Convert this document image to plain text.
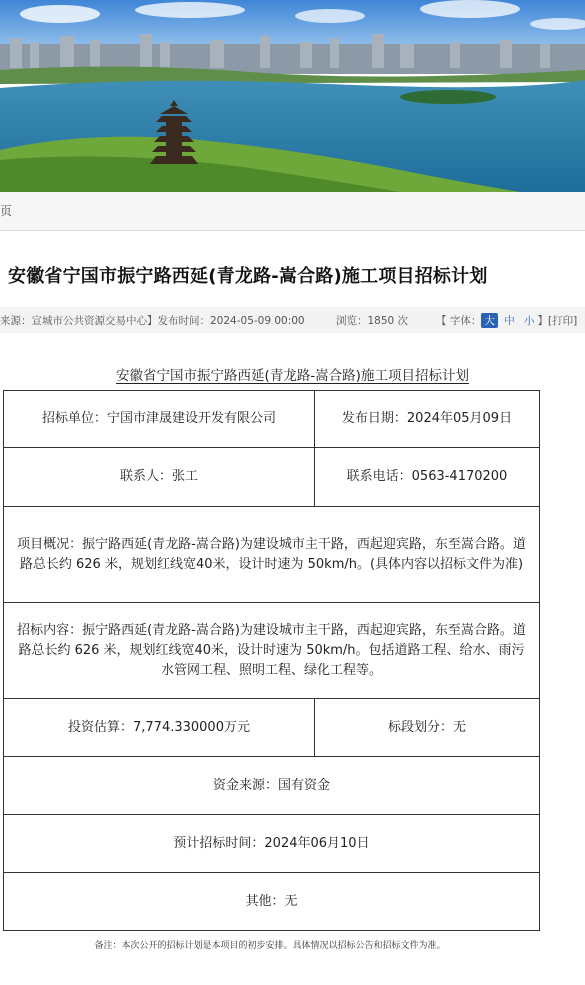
页
安徽省宁国市振宁路西延(青龙路-嵩合路)施工项目招标计划
来源：宣城市公共资源交易中心】发布时间：2024-05-09 00:00	浏览：1850 次	【 字体： 大 中 小 】[打印]
安徽省宁国市振宁路西延(青龙路-嵩合路)施工项目招标计划
招标单位：宁国市津晟建设开发有限公司	发布日期：2024年05月09日
联系人：张工	联系电话：0563-4170200
项目概况：振宁路西延(青龙路-嵩合路)为建设城市主干路，西起迎宾路，东至嵩合路。道路总长约 626 米，规划红线宽40米，设计时速为 50km/h。(具体内容以招标文件为准)	
招标内容：振宁路西延(青龙路-嵩合路)为建设城市主干路，西起迎宾路，东至嵩合路。道路总长约 626 米，规划红线宽40米，设计时速为 50km/h。包括道路工程、给水、雨污水管网工程、照明工程、绿化工程等。	
投资估算：7,774.330000万元	标段划分：无
资金来源：国有资金	
预计招标时间：2024年06月10日	
其他：无	
备注：本次公开的招标计划是本项目的初步安排。具体情况以招标公告和招标文件为准。
